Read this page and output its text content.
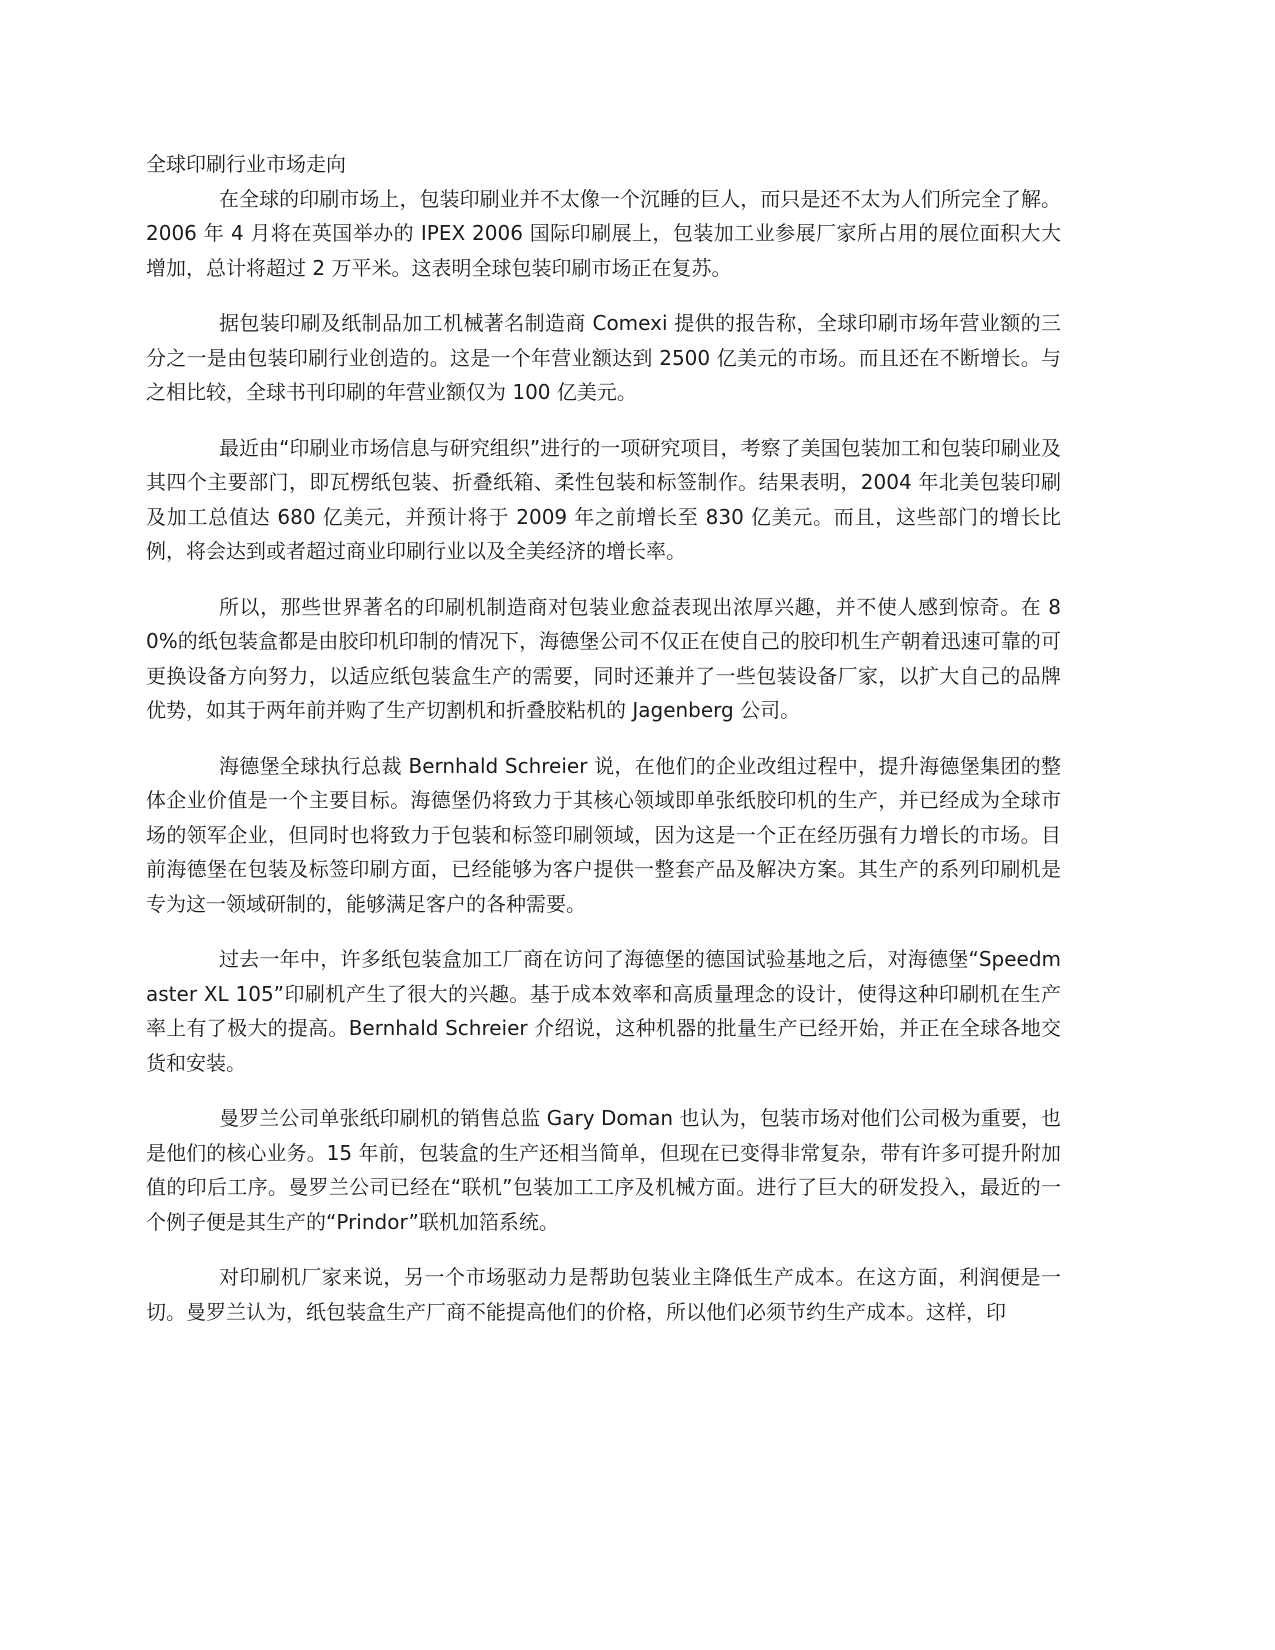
全球印刷行业市场走向

在全球的印刷市场上，包装印刷业并不太像一个沉睡的巨人，而只是还不太为人们所完全了解。2006 年 4 月将在英国举办的 IPEX 2006 国际印刷展上，包装加工业参展厂家所占用的展位面积大大增加，总计将超过 2 万平米。这表明全球包装印刷市场正在复苏。

据包装印刷及纸制品加工机械著名制造商 Comexi 提供的报告称，全球印刷市场年营业额的三分之一是由包装印刷行业创造的。这是一个年营业额达到 2500 亿美元的市场。而且还在不断增长。与之相比较，全球书刊印刷的年营业额仅为 100 亿美元。

最近由“印刷业市场信息与研究组织”进行的一项研究项目，考察了美国包装加工和包装印刷业及其四个主要部门，即瓦楞纸包装、折叠纸箱、柔性包装和标签制作。结果表明，2004 年北美包装印刷及加工总值达 680 亿美元，并预计将于 2009 年之前增长至 830 亿美元。而且，这些部门的增长比例，将会达到或者超过商业印刷行业以及全美经济的增长率。

所以，那些世界著名的印刷机制造商对包装业愈益表现出浓厚兴趣，并不使人感到惊奇。在 80%的纸包装盒都是由胶印机印制的情况下，海德堡公司不仅正在使自己的胶印机生产朝着迅速可靠的可更换设备方向努力，以适应纸包装盒生产的需要，同时还兼并了一些包装设备厂家，以扩大自己的品牌优势，如其于两年前并购了生产切割机和折叠胶粘机的 Jagenberg 公司。

海德堡全球执行总裁 Bernhald Schreier 说，在他们的企业改组过程中，提升海德堡集团的整体企业价值是一个主要目标。海德堡仍将致力于其核心领域即单张纸胶印机的生产，并已经成为全球市场的领军企业，但同时也将致力于包装和标签印刷领域，因为这是一个正在经历强有力增长的市场。目前海德堡在包装及标签印刷方面，已经能够为客户提供一整套产品及解决方案。其生产的系列印刷机是专为这一领域研制的，能够满足客户的各种需要。

过去一年中，许多纸包装盒加工厂商在访问了海德堡的德国试验基地之后，对海德堡“Speedmaster XL 105”印刷机产生了很大的兴趣。基于成本效率和高质量理念的设计，使得这种印刷机在生产率上有了极大的提高。Bernhald Schreier 介绍说，这种机器的批量生产已经开始，并正在全球各地交货和安装。

曼罗兰公司单张纸印刷机的销售总监 Gary Doman 也认为，包装市场对他们公司极为重要，也是他们的核心业务。15 年前，包装盒的生产还相当简单，但现在已变得非常复杂，带有许多可提升附加值的印后工序。曼罗兰公司已经在“联机”包装加工工序及机械方面。进行了巨大的研发投入，最近的一个例子便是其生产的“Prindor”联机加箔系统。

对印刷机厂家来说，另一个市场驱动力是帮助包装业主降低生产成本。在这方面，利润便是一切。曼罗兰认为，纸包装盒生产厂商不能提高他们的价格，所以他们必须节约生产成本。这样，印
